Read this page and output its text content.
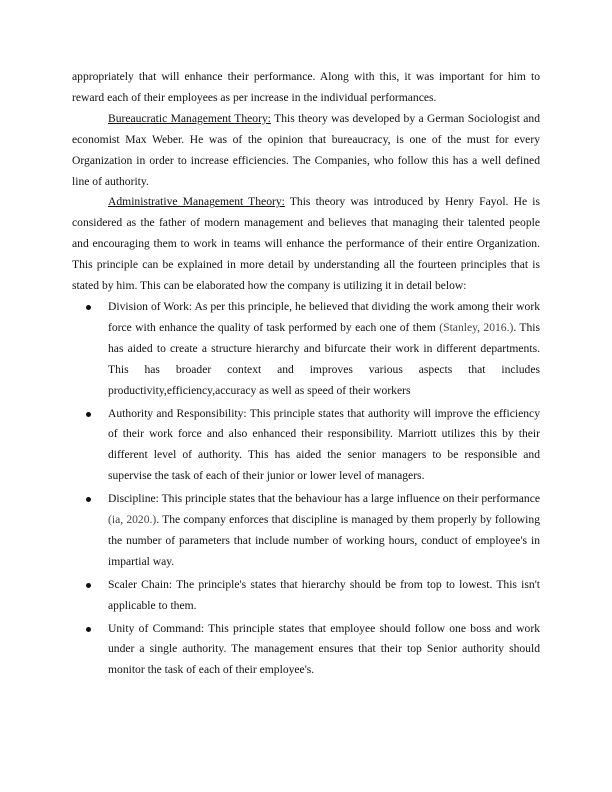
appropriately that will enhance their performance. Along with this, it was important for him to reward each of their employees as per increase in the individual performances.

Bureaucratic Management Theory: This theory was developed by a German Sociologist and economist Max Weber. He was of the opinion that bureaucracy, is one of the must for every Organization in order to increase efficiencies. The Companies, who follow this has a well defined line of authority.

Administrative Management Theory: This theory was introduced by Henry Fayol. He is considered as the father of modern management and believes that managing their talented people and encouraging them to work in teams will enhance the performance of their entire Organization. This principle can be explained in more detail by understanding all the fourteen principles that is stated by him. This can be elaborated how the company is utilizing it in detail below:

Division of Work: As per this principle, he believed that dividing the work among their work force with enhance the quality of task performed by each one of them (Stanley, 2016.). This has aided to create a structure hierarchy and bifurcate their work in different departments. This has broader context and improves various aspects that includes productivity,efficiency,accuracy as well as speed of their workers
Authority and Responsibility: This principle states that authority will improve the efficiency of their work force and also enhanced their responsibility. Marriott utilizes this by their different level of authority. This has aided the senior managers to be responsible and supervise the task of each of their junior or lower level of managers.
Discipline: This principle states that the behaviour has a large influence on their performance (ia, 2020.). The company enforces that discipline is managed by them properly by following the number of parameters that include number of working hours, conduct of employee's in impartial way.
Scaler Chain: The principle's states that hierarchy should be from top to lowest. This isn't applicable to them.
Unity of Command: This principle states that employee should follow one boss and work under a single authority. The management ensures that their top Senior authority should monitor the task of each of their employee's.
